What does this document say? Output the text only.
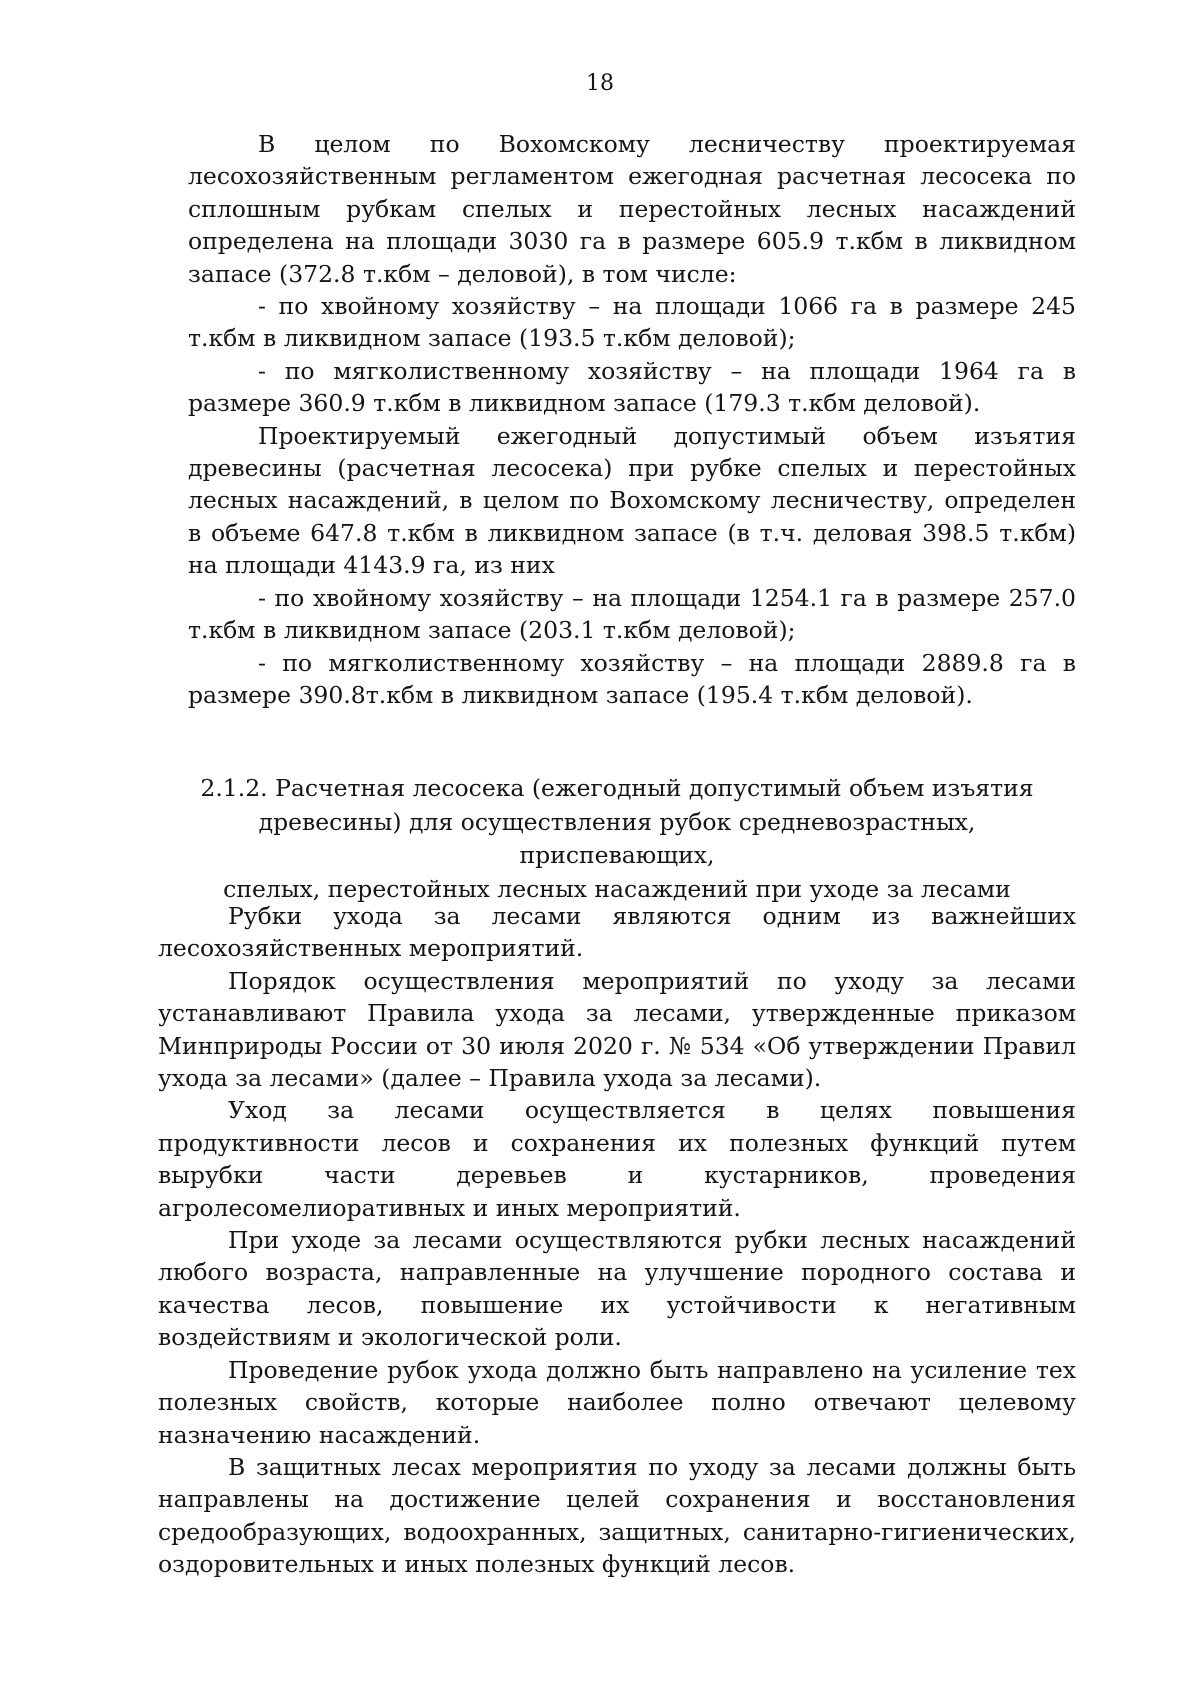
18

В целом по Вохомскому лесничеству проектируемая лесохозяйственным регламентом ежегодная расчетная лесосека по сплошным рубкам спелых и перестойных лесных насаждений определена на площади 3030 га в размере 605.9 т.кбм в ликвидном запасе (372.8 т.кбм – деловой), в том числе:

- по хвойному хозяйству – на площади 1066 га в размере 245 т.кбм в ликвидном запасе (193.5 т.кбм деловой);

- по мягколиственному хозяйству – на площади 1964 га в размере 360.9 т.кбм в ликвидном запасе (179.3 т.кбм деловой).

Проектируемый ежегодный допустимый объем изъятия древесины (расчетная лесосека) при рубке спелых и перестойных лесных насаждений, в целом по Вохомскому лесничеству, определен в объеме 647.8 т.кбм в ликвидном запасе (в т.ч. деловая 398.5 т.кбм) на площади 4143.9 га, из них

- по хвойному хозяйству – на площади 1254.1 га в размере 257.0 т.кбм в ликвидном запасе (203.1 т.кбм деловой);

- по мягколиственному хозяйству – на площади 2889.8 га в размере 390.8т.кбм в ликвидном запасе (195.4 т.кбм деловой).

2.1.2. Расчетная лесосека (ежегодный допустимый объем изъятия
древесины) для осуществления рубок средневозрастных, приспевающих,
спелых, перестойных лесных насаждений при уходе за лесами

Рубки ухода за лесами являются одним из важнейших лесохозяйственных мероприятий.

Порядок осуществления мероприятий по уходу за лесами устанавливают Правила ухода за лесами, утвержденные приказом Минприроды России от 30 июля 2020 г. № 534 «Об утверждении Правил ухода за лесами» (далее – Правила ухода за лесами).

Уход за лесами осуществляется в целях повышения продуктивности лесов и сохранения их полезных функций путем вырубки части деревьев и кустарников, проведения агролесомелиоративных и иных мероприятий.

При уходе за лесами осуществляются рубки лесных насаждений любого возраста, направленные на улучшение породного состава и качества лесов, повышение их устойчивости к негативным воздействиям и экологической роли.

Проведение рубок ухода должно быть направлено на усиление тех полезных свойств, которые наиболее полно отвечают целевому назначению насаждений.

В защитных лесах мероприятия по уходу за лесами должны быть направлены на достижение целей сохранения и восстановления средообразующих, водоохранных, защитных, санитарно-гигиенических, оздоровительных и иных полезных функций лесов.
